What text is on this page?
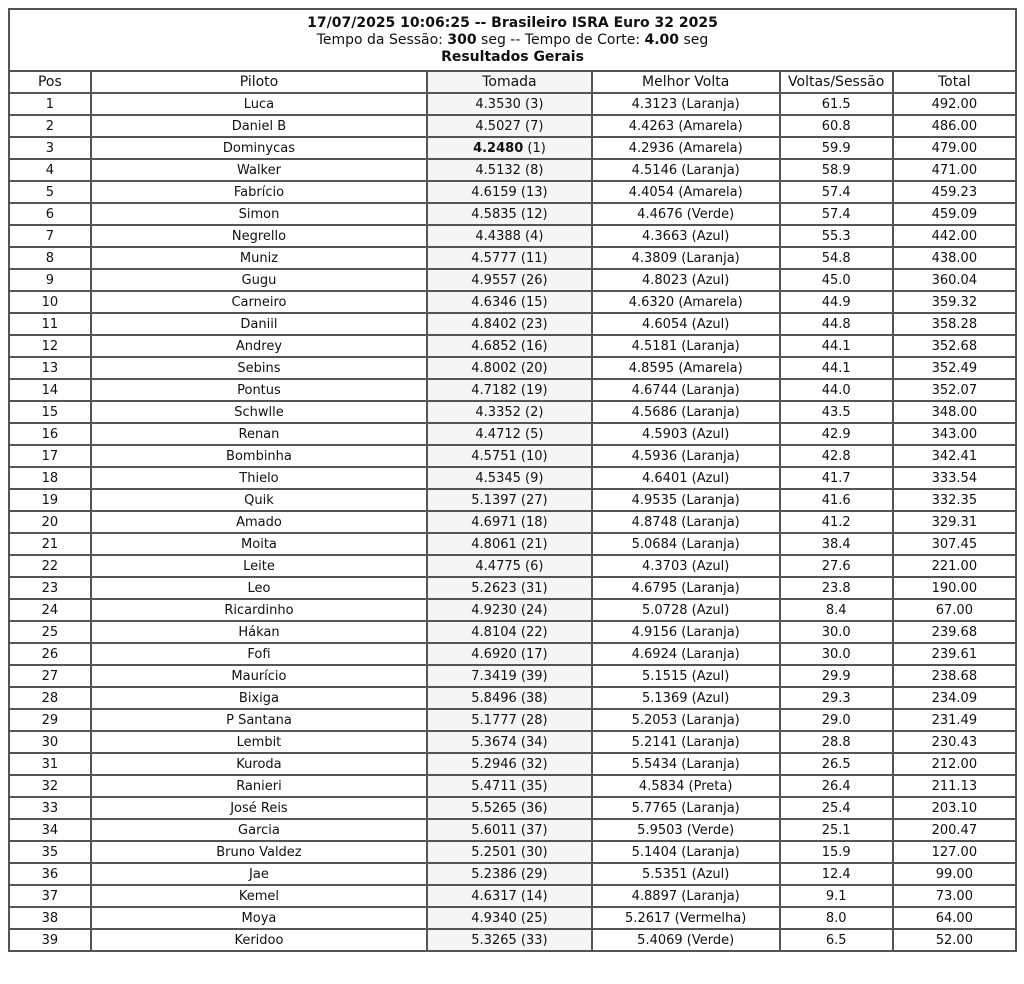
17/07/2025 10:06:25 -- Brasileiro ISRA Euro 32 2025
Tempo da Sessão: 300 seg -- Tempo de Corte: 4.00 seg
Resultados Gerais					

Pos	Piloto	Tomada	Melhor Volta	Voltas/Sessão	Total
1	Luca	4.3530 (3)	4.3123 (Laranja)	61.5	492.00
2	Daniel B	4.5027 (7)	4.4263 (Amarela)	60.8	486.00
3	Dominycas	4.2480 (1)	4.2936 (Amarela)	59.9	479.00
4	Walker	4.5132 (8)	4.5146 (Laranja)	58.9	471.00
5	Fabrício	4.6159 (13)	4.4054 (Amarela)	57.4	459.23
6	Simon	4.5835 (12)	4.4676 (Verde)	57.4	459.09
7	Negrello	4.4388 (4)	4.3663 (Azul)	55.3	442.00
8	Muniz	4.5777 (11)	4.3809 (Laranja)	54.8	438.00
9	Gugu	4.9557 (26)	4.8023 (Azul)	45.0	360.04
10	Carneiro	4.6346 (15)	4.6320 (Amarela)	44.9	359.32
11	Daniil	4.8402 (23)	4.6054 (Azul)	44.8	358.28
12	Andrey	4.6852 (16)	4.5181 (Laranja)	44.1	352.68
13	Sebins	4.8002 (20)	4.8595 (Amarela)	44.1	352.49
14	Pontus	4.7182 (19)	4.6744 (Laranja)	44.0	352.07
15	Schwlle	4.3352 (2)	4.5686 (Laranja)	43.5	348.00
16	Renan	4.4712 (5)	4.5903 (Azul)	42.9	343.00
17	Bombinha	4.5751 (10)	4.5936 (Laranja)	42.8	342.41
18	Thielo	4.5345 (9)	4.6401 (Azul)	41.7	333.54
19	Quik	5.1397 (27)	4.9535 (Laranja)	41.6	332.35
20	Amado	4.6971 (18)	4.8748 (Laranja)	41.2	329.31
21	Moita	4.8061 (21)	5.0684 (Laranja)	38.4	307.45
22	Leite	4.4775 (6)	4.3703 (Azul)	27.6	221.00
23	Leo	5.2623 (31)	4.6795 (Laranja)	23.8	190.00
24	Ricardinho	4.9230 (24)	5.0728 (Azul)	8.4	67.00
25	Hákan	4.8104 (22)	4.9156 (Laranja)	30.0	239.68
26	Fofi	4.6920 (17)	4.6924 (Laranja)	30.0	239.61
27	Maurício	7.3419 (39)	5.1515 (Azul)	29.9	238.68
28	Bixiga	5.8496 (38)	5.1369 (Azul)	29.3	234.09
29	P Santana	5.1777 (28)	5.2053 (Laranja)	29.0	231.49
30	Lembit	5.3674 (34)	5.2141 (Laranja)	28.8	230.43
31	Kuroda	5.2946 (32)	5.5434 (Laranja)	26.5	212.00
32	Ranieri	5.4711 (35)	4.5834 (Preta)	26.4	211.13
33	José Reis	5.5265 (36)	5.7765 (Laranja)	25.4	203.10
34	Garcia	5.6011 (37)	5.9503 (Verde)	25.1	200.47
35	Bruno Valdez	5.2501 (30)	5.1404 (Laranja)	15.9	127.00
36	Jae	5.2386 (29)	5.5351 (Azul)	12.4	99.00
37	Kemel	4.6317 (14)	4.8897 (Laranja)	9.1	73.00
38	Moya	4.9340 (25)	5.2617 (Vermelha)	8.0	64.00
39	Keridoo	5.3265 (33)	5.4069 (Verde)	6.5	52.00
